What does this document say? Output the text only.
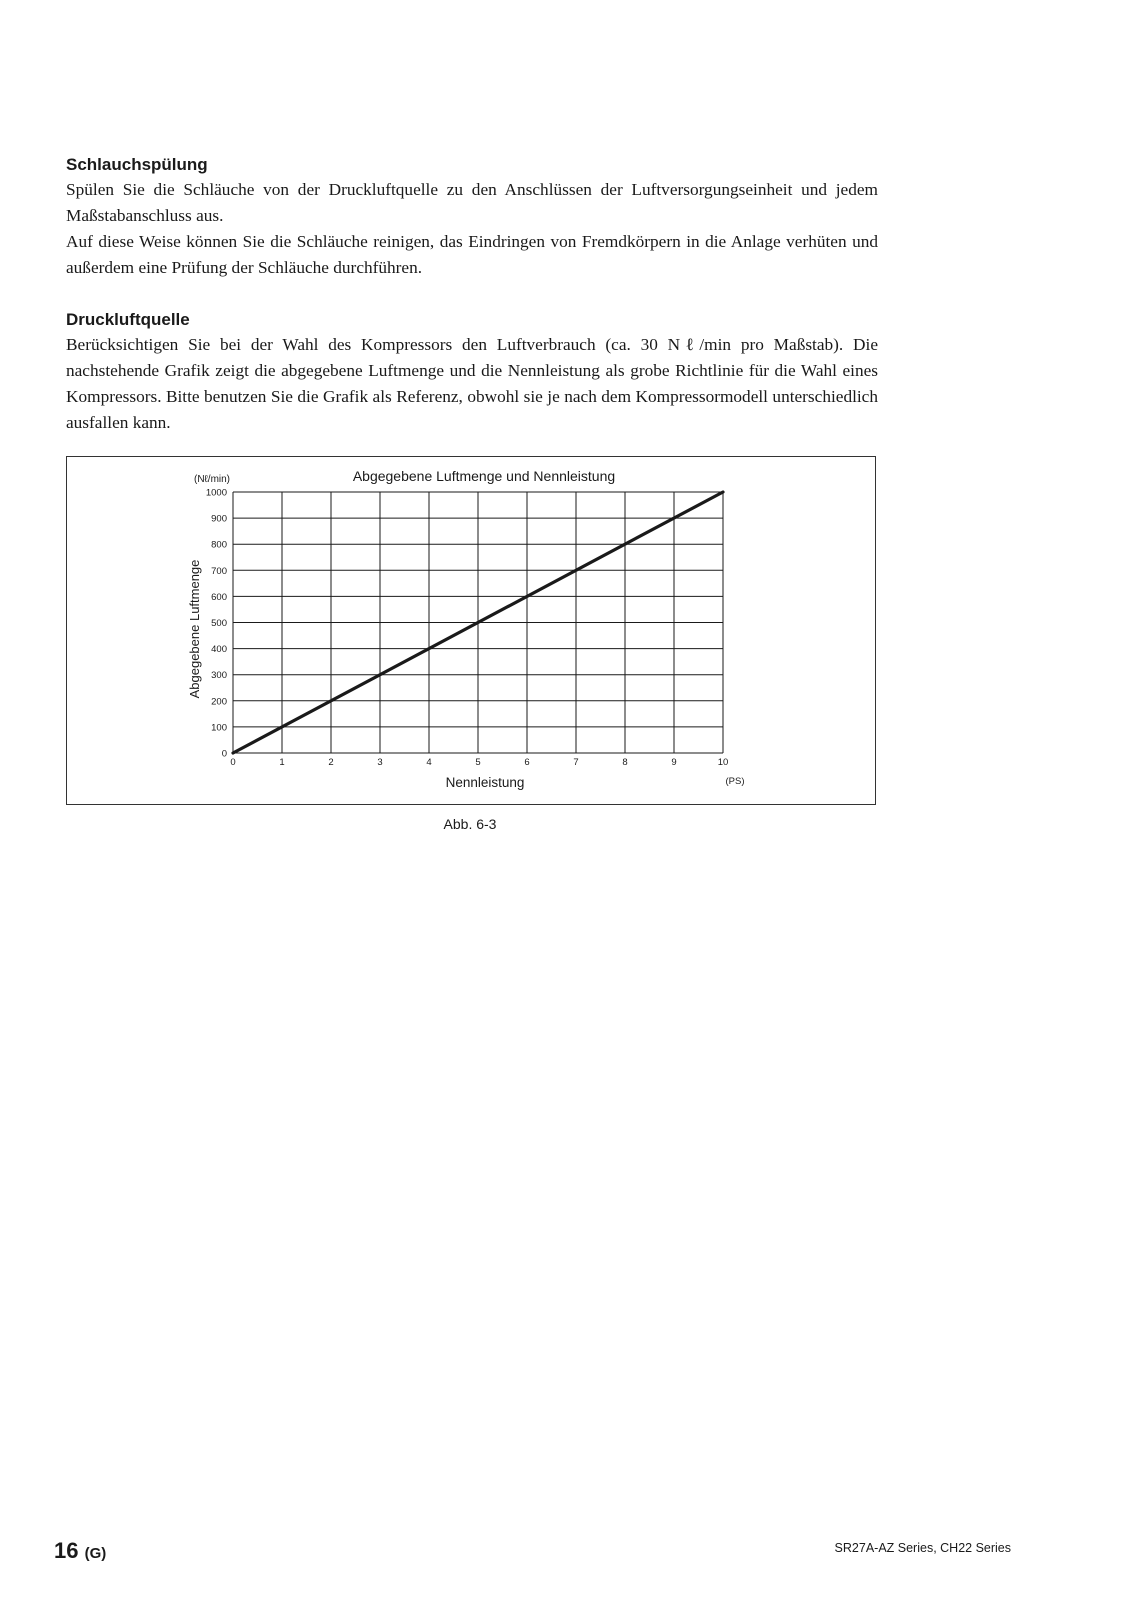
Schlauchspülung

Spülen Sie die Schläuche von der Druckluftquelle zu den Anschlüssen der Luftversorgungseinheit und jedem Maßstabanschluss aus.

Auf diese Weise können Sie die Schläuche reinigen, das Eindringen von Fremdkörpern in die Anlage verhüten und außerdem eine Prüfung der Schläuche durchführen.

Druckluftquelle

Berücksichtigen Sie bei der Wahl des Kompressors den Luftverbrauch (ca. 30 Nℓ/min pro Maßstab). Die nachstehende Grafik zeigt die abgegebene Luftmenge und die Nennleistung als grobe Richtlinie für die Wahl eines Kompressors. Bitte benutzen Sie die Grafik als Referenz, obwohl sie je nach dem Kompressormodell unterschiedlich ausfallen kann.

Abgegebene Luftmenge und Nennleistung
(Nℓ/min)
Abgegebene Luftmenge
Nennleistung	(PS)
0	1	2	3	4	5	6	7	8	9	10
0
100
200
300
400
500
600
700
800
900
1000
Abb. 6-3
16 (G)	SR27A-AZ Series, CH22 Series
